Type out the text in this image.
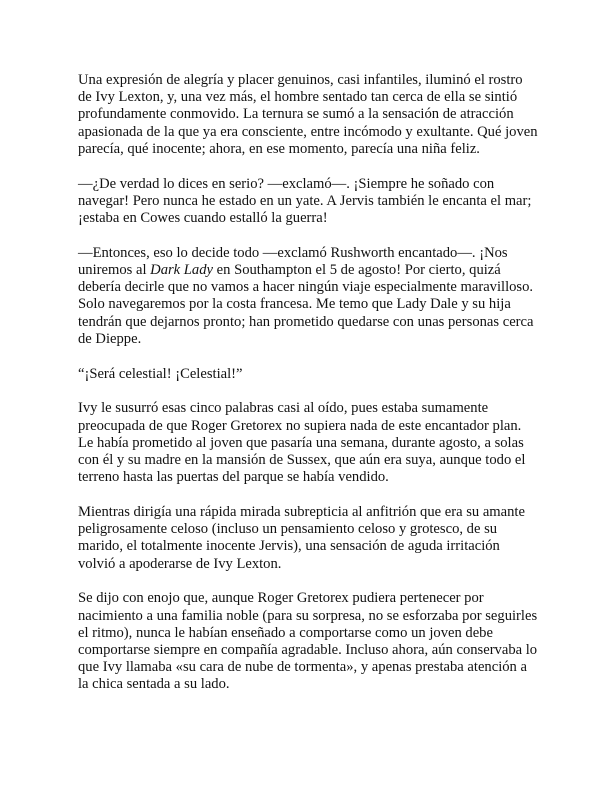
Una expresión de alegría y placer genuinos, casi infantiles, iluminó el rostro de Ivy Lexton, y, una vez más, el hombre sentado tan cerca de ella se sintió profundamente conmovido. La ternura se sumó a la sensación de atracción apasionada de la que ya era consciente, entre incómodo y exultante. Qué joven parecía, qué inocente; ahora, en ese momento, parecía una niña feliz.

—¿De verdad lo dices en serio? —exclamó—. ¡Siempre he soñado con navegar! Pero nunca he estado en un yate. A Jervis también le encanta el mar; ¡estaba en Cowes cuando estalló la guerra!

—Entonces, eso lo decide todo —exclamó Rushworth encantado—. ¡Nos uniremos al Dark Lady en Southampton el 5 de agosto! Por cierto, quizá debería decirle que no vamos a hacer ningún viaje especialmente maravilloso. Solo navegaremos por la costa francesa. Me temo que Lady Dale y su hija tendrán que dejarnos pronto; han prometido quedarse con unas personas cerca de Dieppe.

“¡Será celestial! ¡Celestial!”

Ivy le susurró esas cinco palabras casi al oído, pues estaba sumamente preocupada de que Roger Gretorex no supiera nada de este encantador plan. Le había prometido al joven que pasaría una semana, durante agosto, a solas con él y su madre en la mansión de Sussex, que aún era suya, aunque todo el terreno hasta las puertas del parque se había vendido.

Mientras dirigía una rápida mirada subrepticia al anfitrión que era su amante peligrosamente celoso (incluso un pensamiento celoso y grotesco, de su marido, el totalmente inocente Jervis), una sensación de aguda irritación volvió a apoderarse de Ivy Lexton.

Se dijo con enojo que, aunque Roger Gretorex pudiera pertenecer por nacimiento a una familia noble (para su sorpresa, no se esforzaba por seguirles el ritmo), nunca le habían enseñado a comportarse como un joven debe comportarse siempre en compañía agradable. Incluso ahora, aún conservaba lo que Ivy llamaba «su cara de nube de tormenta», y apenas prestaba atención a la chica sentada a su lado.
